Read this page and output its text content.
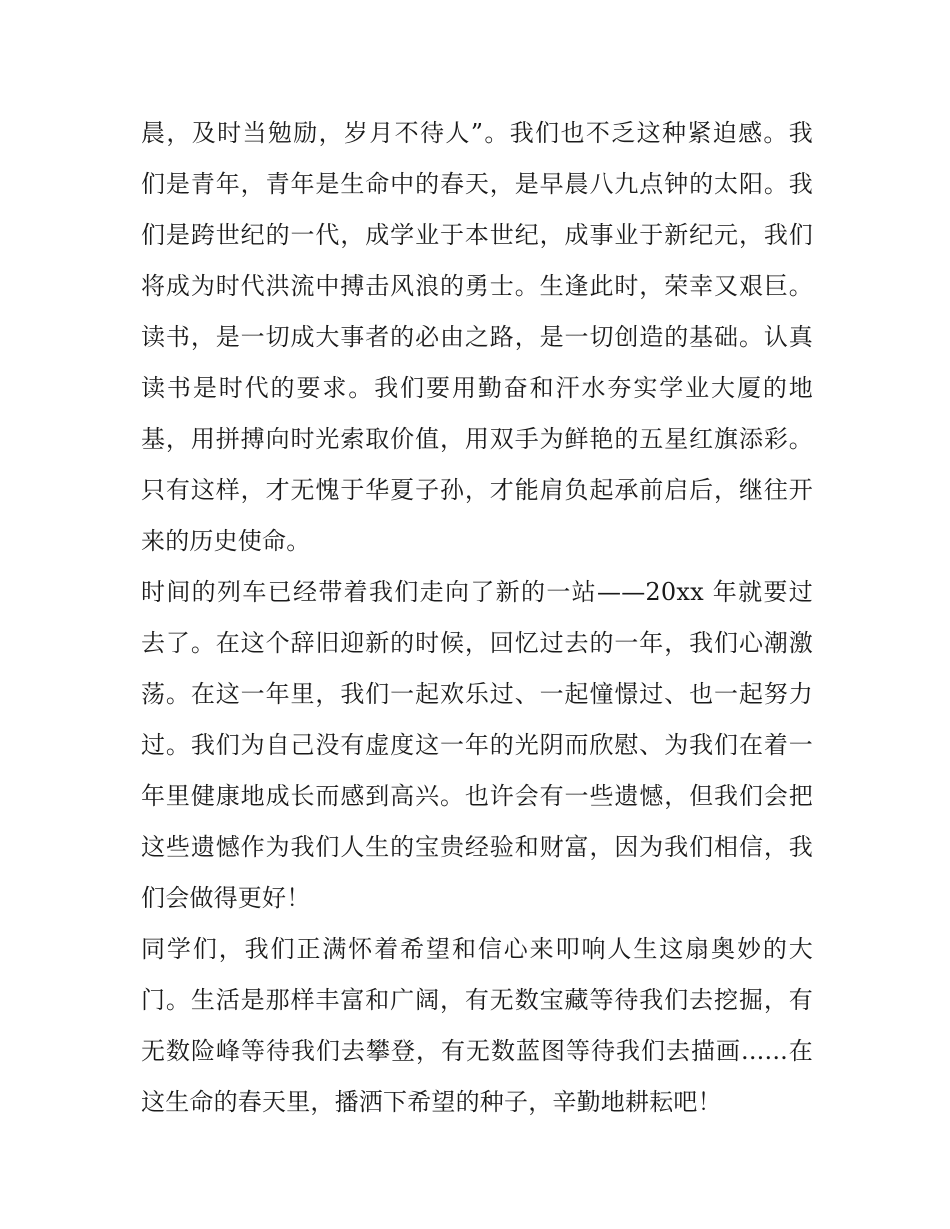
晨，及时当勉励，岁月不待人”。我们也不乏这种紧迫感。我
们是青年，青年是生命中的春天，是早晨八九点钟的太阳。我
们是跨世纪的一代，成学业于本世纪，成事业于新纪元，我们
将成为时代洪流中搏击风浪的勇士。生逢此时，荣幸又艰巨。
读书，是一切成大事者的必由之路，是一切创造的基础。认真
读书是时代的要求。我们要用勤奋和汗水夯实学业大厦的地
基，用拼搏向时光索取价值，用双手为鲜艳的五星红旗添彩。
只有这样，才无愧于华夏子孙，才能肩负起承前启后，继往开
来的历史使命。
时间的列车已经带着我们走向了新的一站——20xx 年就要过
去了。在这个辞旧迎新的时候，回忆过去的一年，我们心潮激
荡。在这一年里，我们一起欢乐过、一起憧憬过、也一起努力
过。我们为自己没有虚度这一年的光阴而欣慰、为我们在着一
年里健康地成长而感到高兴。也许会有一些遗憾，但我们会把
这些遗憾作为我们人生的宝贵经验和财富，因为我们相信，我
们会做得更好！
同学们，我们正满怀着希望和信心来叩响人生这扇奥妙的大
门。生活是那样丰富和广阔，有无数宝藏等待我们去挖掘，有
无数险峰等待我们去攀登，有无数蓝图等待我们去描画......在
这生命的春天里，播洒下希望的种子，辛勤地耕耘吧！
